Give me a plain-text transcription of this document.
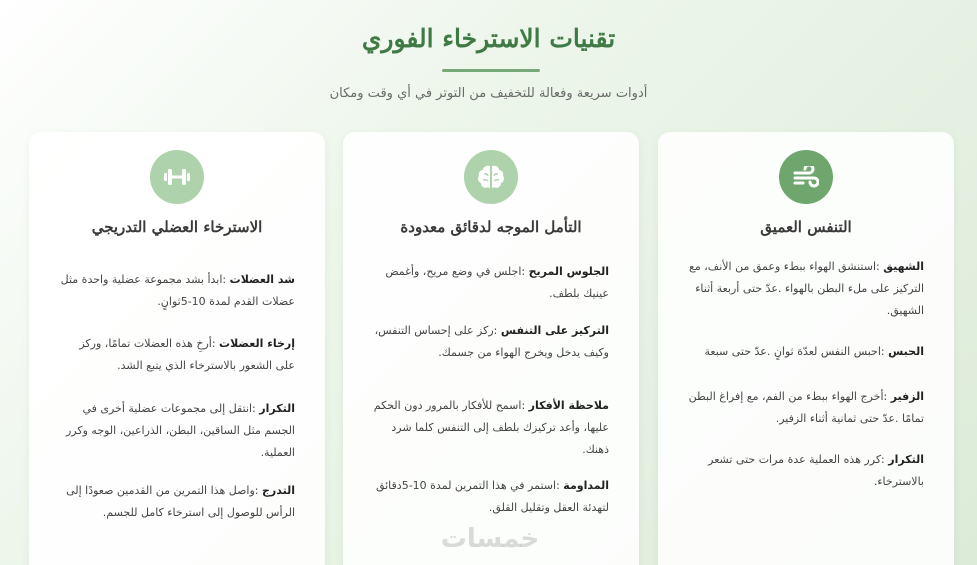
تقنيات الاسترخاء الفوري
أدوات سريعة وفعالة للتخفيف من التوتر في أي وقت ومكان
التنفس العميق
الشهيق :استنشق الهواء ببطء وعمق من الأنف، مع التركيز على ملء البطن بالهواء .عدّ حتى أربعة أثناء الشهيق.
الحبس :احبس النفس لعدّة ثوانٍ .عدّ حتى سبعة
الزفير :أخرج الهواء ببطء من الفم، مع إفراغ البطن تمامًا .عدّ حتى ثمانية أثناء الزفير.
التكرار :كرر هذه العملية عدة مرات حتى تشعر بالاسترخاء.
التأمل الموجه لدقائق معدودة
الجلوس المريح :اجلس في وضع مريح، وأغمض عينيك بلطف.
التركيز على التنفس :ركز على إحساس التنفس، وكيف يدخل ويخرج الهواء من جسمك.
ملاحظة الأفكار :اسمح للأفكار بالمرور دون الحكم عليها، وأعد تركيزك بلطف إلى التنفس كلما شرد ذهنك.
المداومة :استمر في هذا التمرين لمدة 10-5دقائق لتهدئة العقل وتقليل القلق.
الاسترخاء العضلي التدريجي
شد العضلات :ابدأ بشد مجموعة عضلية واحدة مثل عضلات القدم لمدة 10-5ثوانٍ.
إرخاء العضلات :أرخِ هذه العضلات تمامًا، وركز على الشعور بالاسترخاء الذي يتبع الشد.
التكرار :انتقل إلى مجموعات عضلية أخرى في الجسم مثل الساقين، البطن، الذراعين، الوجه وكرر العملية.
التدرج :واصل هذا التمرين من القدمين صعودًا إلى الرأس للوصول إلى استرخاء كامل للجسم.
خمسات
